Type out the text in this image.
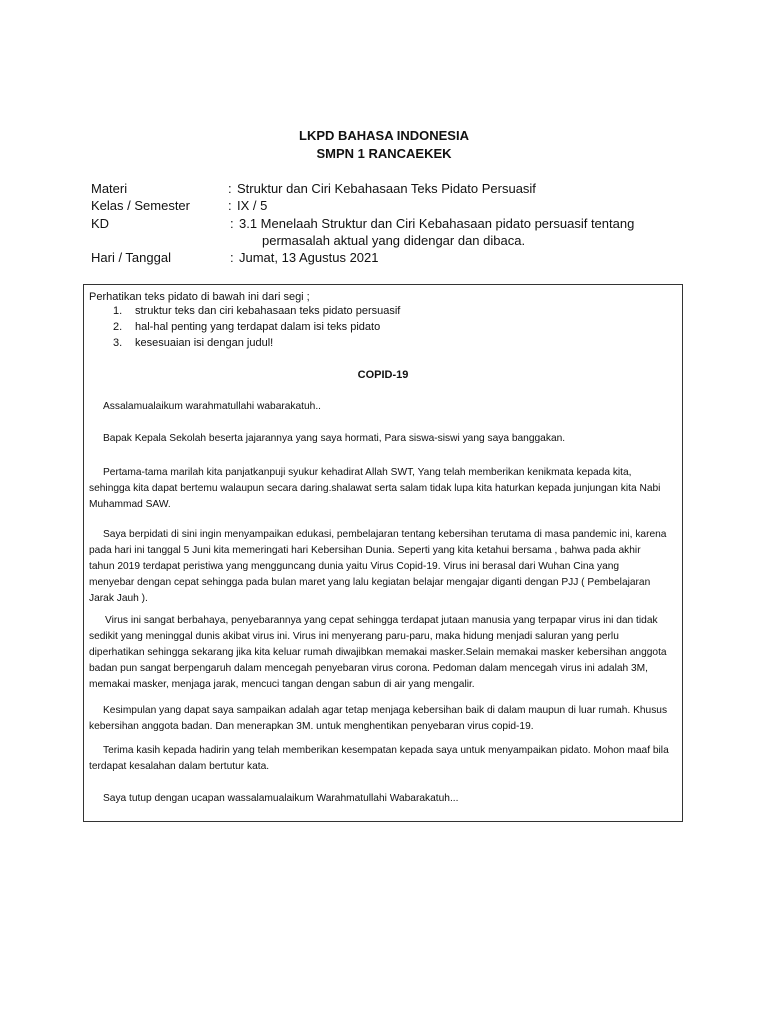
LKPD BAHASA INDONESIA
SMPN 1 RANCAEKEK
Materi	: Struktur dan Ciri Kebahasaan Teks Pidato Persuasif
Kelas / Semester	: IX / 5
KD	: 3.1 Menelaah Struktur dan Ciri Kebahasaan pidato persuasif tentang
permasalah aktual yang didengar dan dibaca.
Hari / Tanggal	: Jumat, 13 Agustus 2021
Perhatikan teks pidato di bawah ini dari segi ;
1. struktur teks dan ciri kebahasaan teks pidato persuasif
2. hal-hal penting yang terdapat dalam isi teks pidato
3. kesesuaian isi dengan judul!
COPID-19
Assalamualaikum warahmatullahi wabarakatuh..
Bapak Kepala Sekolah beserta jajarannya yang saya hormati, Para siswa-siswi yang saya banggakan.
Pertama-tama marilah kita panjatkanpuji syukur kehadirat Allah SWT, Yang telah memberikan kenikmata kepada kita,
sehingga kita dapat bertemu walaupun secara daring.shalawat serta salam tidak lupa kita haturkan kepada junjungan kita Nabi
Muhammad SAW.
Saya berpidati di sini ingin menyampaikan edukasi, pembelajaran tentang kebersihan terutama di masa pandemic ini, karena
pada hari ini tanggal 5 Juni kita memeringati hari Kebersihan Dunia. Seperti yang kita ketahui bersama , bahwa pada akhir
tahun 2019 terdapat peristiwa yang mengguncang dunia yaitu Virus Copid-19. Virus ini berasal dari Wuhan Cina yang
menyebar dengan cepat sehingga pada bulan maret yang lalu kegiatan belajar mengajar diganti dengan PJJ ( Pembelajaran
Jarak Jauh ).
Virus ini sangat berbahaya, penyebarannya yang cepat sehingga terdapat jutaan manusia yang terpapar virus ini dan tidak
sedikit yang meninggal dunis akibat virus ini. Virus ini menyerang paru-paru, maka hidung menjadi saluran yang perlu
diperhatikan sehingga sekarang jika kita keluar rumah diwajibkan memakai masker.Selain memakai masker kebersihan anggota
badan pun sangat berpengaruh dalam mencegah penyebaran virus corona. Pedoman dalam mencegah virus ini adalah 3M,
memakai masker, menjaga jarak, mencuci tangan dengan sabun di air yang mengalir.
Kesimpulan yang dapat saya sampaikan adalah agar tetap menjaga kebersihan baik di dalam maupun di luar rumah. Khusus
kebersihan anggota badan. Dan menerapkan 3M. untuk menghentikan penyebaran virus copid-19.
Terima kasih kepada hadirin yang telah memberikan kesempatan kepada saya untuk menyampaikan pidato. Mohon maaf bila
terdapat kesalahan dalam bertutur kata.
Saya tutup dengan ucapan wassalamualaikum Warahmatullahi Wabarakatuh...
